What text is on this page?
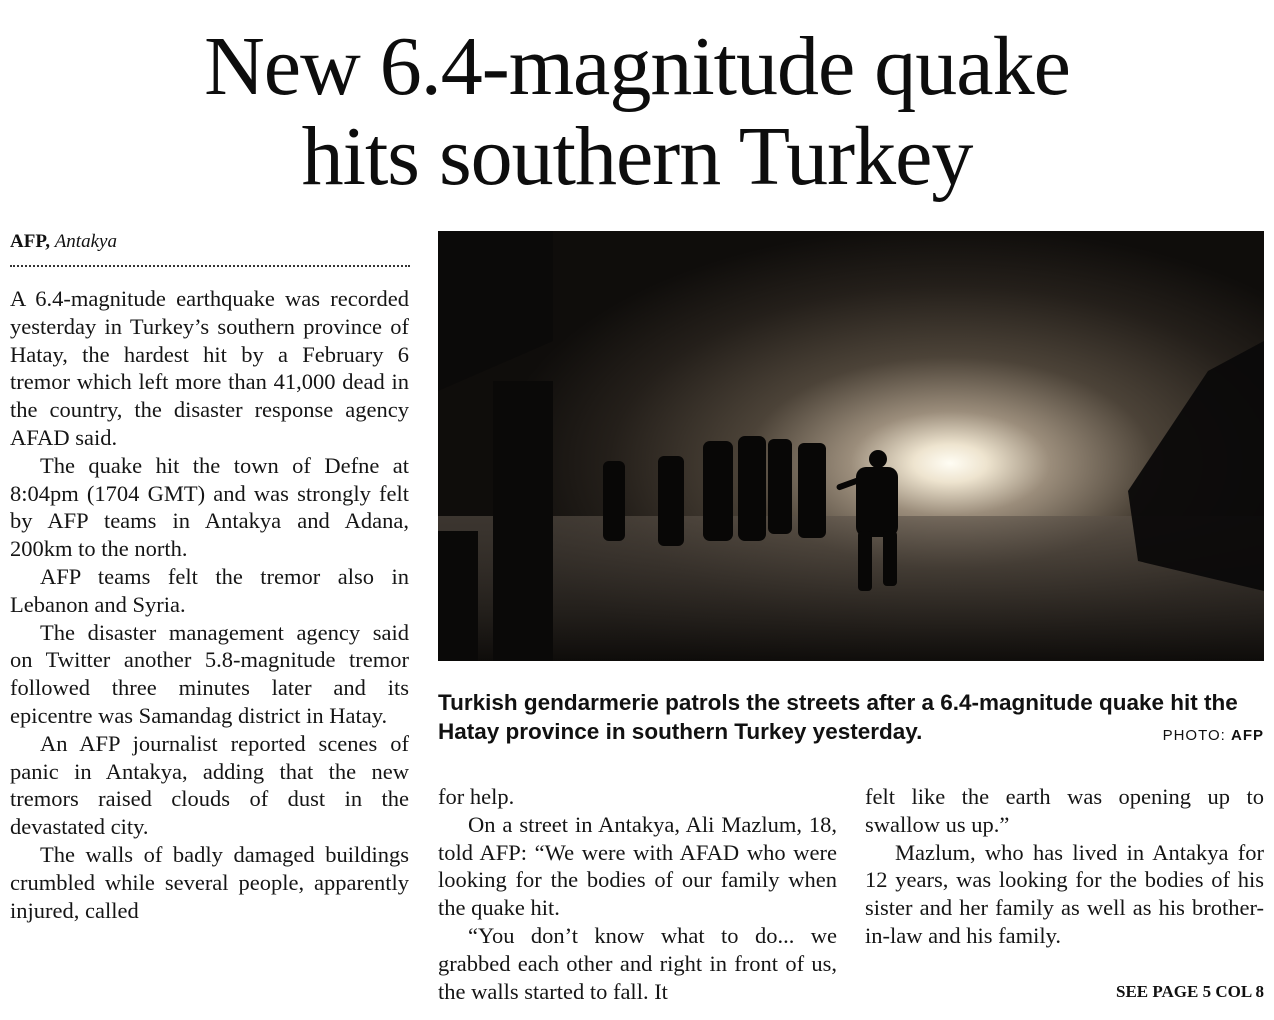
New 6.4-magnitude quake
hits southern Turkey
AFP, Antakya

A 6.4-magnitude earthquake was recorded yesterday in Turkey’s southern province of Hatay, the hardest hit by a February 6 tremor which left more than 41,000 dead in the country, the disaster response agency AFAD said.

The quake hit the town of Defne at 8:04pm (1704 GMT) and was strongly felt by AFP teams in Antakya and Adana, 200km to the north.

AFP teams felt the tremor also in Lebanon and Syria.

The disaster management agency said on Twitter another 5.8-magnitude tremor followed three minutes later and its epicentre was Samandag district in Hatay.

An AFP journalist reported scenes of panic in Antakya, adding that the new tremors raised clouds of dust in the devastated city.

The walls of badly damaged buildings crumbled while several people, apparently injured, called

Turkish gendarmerie patrols the streets after a 6.4-magnitude quake hit the Hatay province in southern Turkey yesterday.	PHOTO: AFP

for help.

On a street in Antakya, Ali Mazlum, 18, told AFP: “We were with AFAD who were looking for the bodies of our family when the quake hit.

“You don’t know what to do... we grabbed each other and right in front of us, the walls started to fall. It

felt like the earth was opening up to swallow us up.”

Mazlum, who has lived in Antakya for 12 years, was looking for the bodies of his sister and her family as well as his brother-in-law and his family.

SEE PAGE 5 COL 8
